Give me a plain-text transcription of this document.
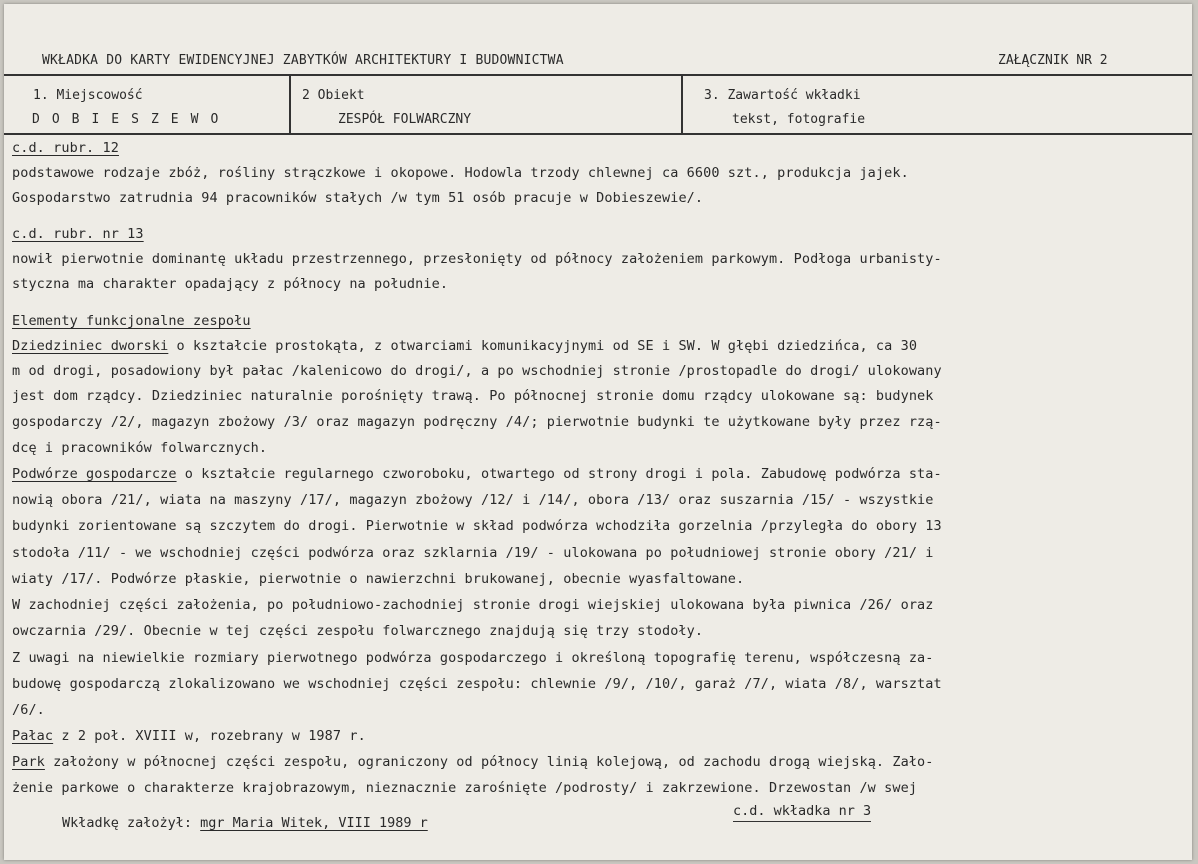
WKŁADKA DO KARTY EWIDENCYJNEJ ZABYTKÓW ARCHITEKTURY I BUDOWNICTWA	ZAŁĄCZNIK NR 2
1. Miejscowość
DOBIESZEWO
2 Obiekt
ZESPÓŁ FOLWARCZNY
3. Zawartość wkładki
tekst, fotografie
c.d. rubr. 12
podstawowe rodzaje zbóż, rośliny strączkowe i okopowe. Hodowla trzody chlewnej ca 6600 szt., produkcja jajek.
Gospodarstwo zatrudnia 94 pracowników stałych /w tym 51 osób pracuje w Dobieszewie/.
c.d. rubr. nr 13
nowił pierwotnie dominantę układu przestrzennego, przesłonięty od północy założeniem parkowym. Podłoga urbanisty-
styczna ma charakter opadający z północy na południe.
Elementy funkcjonalne zespołu
Dziedziniec dworski o kształcie prostokąta, z otwarciami komunikacyjnymi od SE i SW. W głębi dziedzińca, ca 30
m od drogi, posadowiony był pałac /kalenicowo do drogi/, a po wschodniej stronie /prostopadle do drogi/ ulokowany
jest dom rządcy. Dziedziniec naturalnie porośnięty trawą. Po północnej stronie domu rządcy ulokowane są: budynek
gospodarczy /2/, magazyn zbożowy /3/ oraz magazyn podręczny /4/; pierwotnie budynki te użytkowane były przez rzą-
dcę i pracowników folwarcznych.
Podwórze gospodarcze o kształcie regularnego czworoboku, otwartego od strony drogi i pola. Zabudowę podwórza sta-
nowią obora /21/, wiata na maszyny /17/, magazyn zbożowy /12/ i /14/, obora /13/ oraz suszarnia /15/ - wszystkie
budynki zorientowane są szczytem do drogi. Pierwotnie w skład podwórza wchodziła gorzelnia /przyległa do obory 13
stodoła /11/ - we wschodniej części podwórza oraz szklarnia /19/ - ulokowana po południowej stronie obory /21/ i
wiaty /17/. Podwórze płaskie, pierwotnie o nawierzchni brukowanej, obecnie wyasfaltowane.
W zachodniej części założenia, po południowo-zachodniej stronie drogi wiejskiej ulokowana była piwnica /26/ oraz
owczarnia /29/. Obecnie w tej części zespołu folwarcznego znajdują się trzy stodoły.
Z uwagi na niewielkie rozmiary pierwotnego podwórza gospodarczego i określoną topografię terenu, współczesną za-
budowę gospodarczą zlokalizowano we wschodniej części zespołu: chlewnie /9/, /10/, garaż /7/, wiata /8/, warsztat
/6/.
Pałac z 2 poł. XVIII w, rozebrany w 1987 r.
Park założony w północnej części zespołu, ograniczony od północy linią kolejową, od zachodu drogą wiejską. Zało-
żenie parkowe o charakterze krajobrazowym, nieznacznie zarośnięte /podrosty/ i zakrzewione. Drzewostan /w swej
Wkładkę założył: mgr Maria Witek, VIII 1989 r
c.d. wkładka nr 3
